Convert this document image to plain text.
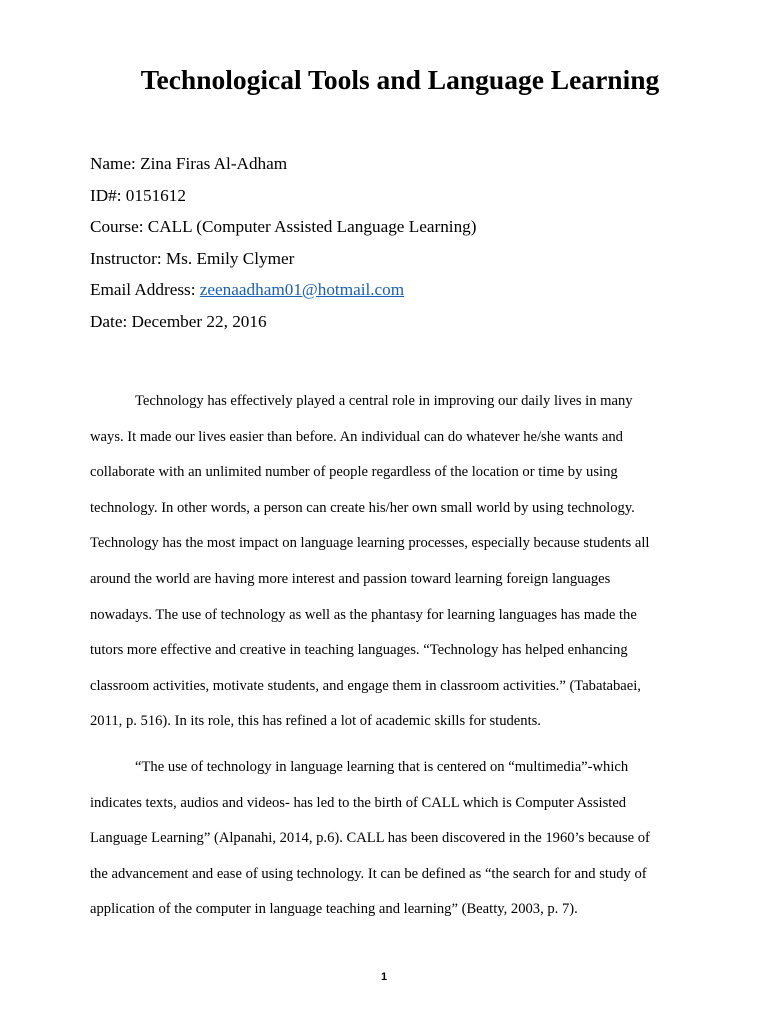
Technological Tools and Language Learning
Name: Zina Firas Al-Adham
ID#: 0151612
Course: CALL (Computer Assisted Language Learning)
Instructor: Ms. Emily Clymer
Email Address: zeenaadham01@hotmail.com
Date: December 22, 2016
Technology has effectively played a central role in improving our daily lives in many
ways. It made our lives easier than before. An individual can do whatever he/she wants and
collaborate with an unlimited number of people regardless of the location or time by using
technology. In other words, a person can create his/her own small world by using technology.
Technology has the most impact on language learning processes, especially because students all
around the world are having more interest and passion toward learning foreign languages
nowadays. The use of technology as well as the phantasy for learning languages has made the
tutors more effective and creative in teaching languages. “Technology has helped enhancing
classroom activities, motivate students, and engage them in classroom activities.” (Tabatabaei,
2011, p. 516). In its role, this has refined a lot of academic skills for students.
“The use of technology in language learning that is centered on “multimedia”-which
indicates texts, audios and videos- has led to the birth of CALL which is Computer Assisted
Language Learning” (Alpanahi, 2014, p.6). CALL has been discovered in the 1960’s because of
the advancement and ease of using technology. It can be defined as “the search for and study of
application of the computer in language teaching and learning” (Beatty, 2003, p. 7).
1
